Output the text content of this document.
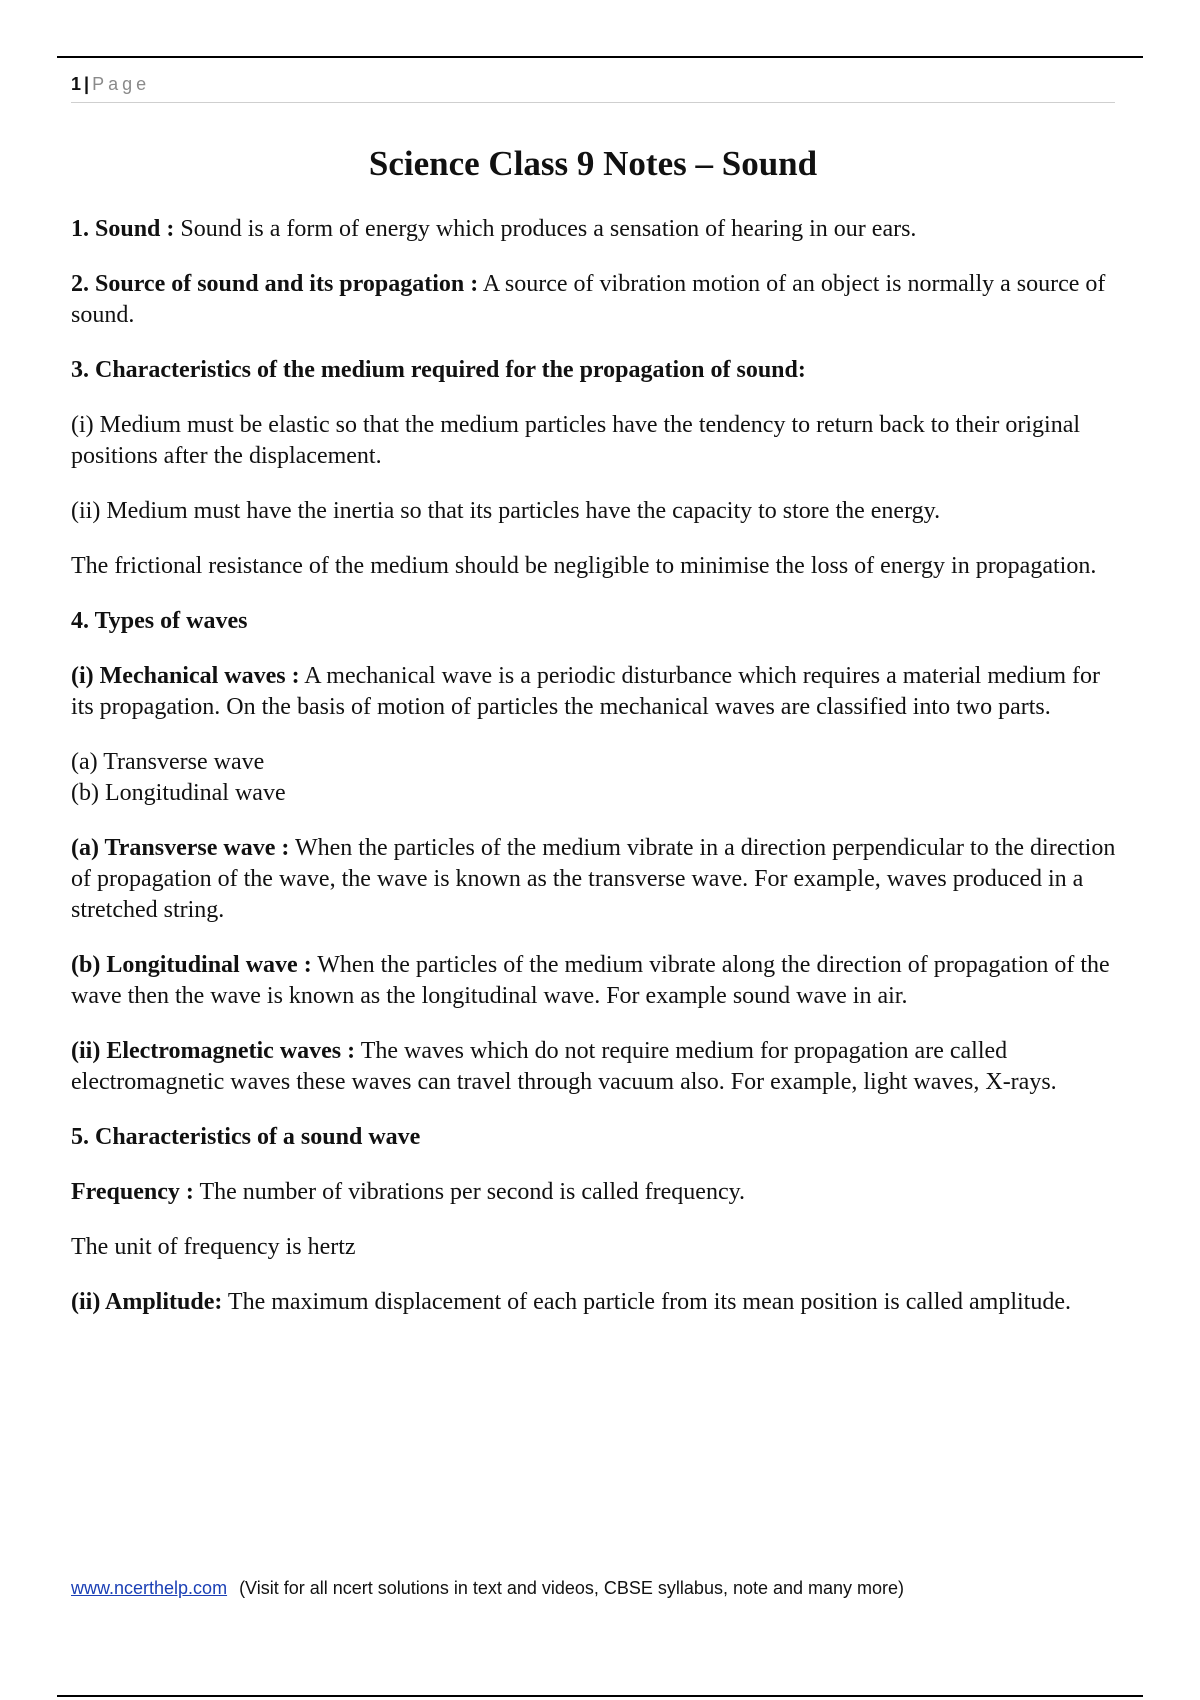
1 | Page
Science Class 9 Notes – Sound

1. Sound : Sound is a form of energy which produces a sensation of hearing in our ears.

2. Source of sound and its propagation : A source of vibration motion of an object is normally a source of sound.

3. Characteristics of the medium required for the propagation of sound:

(i) Medium must be elastic so that the medium particles have the tendency to return back to their original positions after the displacement.

(ii) Medium must have the inertia so that its particles have the capacity to store the energy.

The frictional resistance of the medium should be negligible to minimise the loss of energy in propagation.

4. Types of waves

(i) Mechanical waves : A mechanical wave is a periodic disturbance which requires a material medium for its propagation. On the basis of motion of particles the mechanical waves are classified into two parts.

(a) Transverse wave

(b) Longitudinal wave

(a) Transverse wave : When the particles of the medium vibrate in a direction perpendicular to the direction of propagation of the wave, the wave is known as the transverse wave. For example, waves produced in a stretched string.

(b) Longitudinal wave : When the particles of the medium vibrate along the direction of propagation of the wave then the wave is known as the longitudinal wave. For example sound wave in air.

(ii) Electromagnetic waves : The waves which do not require medium for propagation are called electromagnetic waves these waves can travel through vacuum also. For example, light waves, X-rays.

5. Characteristics of a sound wave

Frequency : The number of vibrations per second is called frequency.

The unit of frequency is hertz

(ii) Amplitude: The maximum displacement of each particle from its mean position is called amplitude.

www.ncerthelp.com (Visit for all ncert solutions in text and videos, CBSE syllabus, note and many more)
